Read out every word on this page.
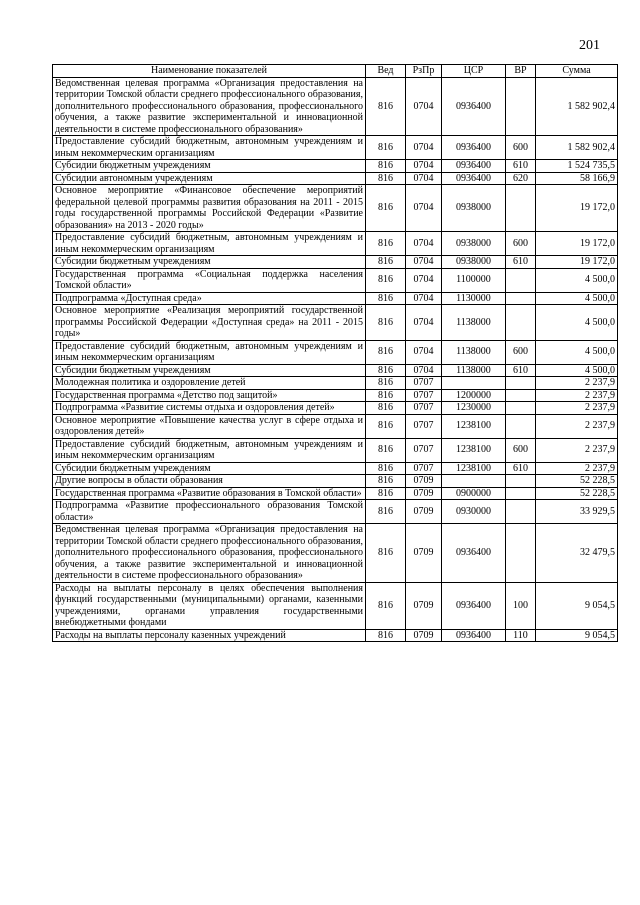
201
Наименование показателей	Вед	РзПр	ЦСР	ВР	Сумма
Ведомственная целевая программа «Организация предоставления на территории Томской области среднего профессионального образования, дополнительного профессионального образования, профессионального обучения, а также развитие экспериментальной и инновационной деятельности в системе профессионального образования»	816	0704	0936400		1 582 902,4
Предоставление субсидий бюджетным, автономным учреждениям и иным некоммерческим организациям	816	0704	0936400	600	1 582 902,4
Субсидии бюджетным учреждениям	816	0704	0936400	610	1 524 735,5
Субсидии автономным учреждениям	816	0704	0936400	620	58 166,9
Основное мероприятие «Финансовое обеспечение мероприятий федеральной целевой программы развития образования на 2011 - 2015 годы государственной программы Российской Федерации «Развитие образования» на 2013 - 2020 годы»	816	0704	0938000		19 172,0
Предоставление субсидий бюджетным, автономным учреждениям и иным некоммерческим организациям	816	0704	0938000	600	19 172,0
Субсидии бюджетным учреждениям	816	0704	0938000	610	19 172,0
Государственная программа «Социальная поддержка населения Томской области»	816	0704	1100000		4 500,0
Подпрограмма «Доступная среда»	816	0704	1130000		4 500,0
Основное мероприятие «Реализация мероприятий государственной программы Российской Федерации «Доступная среда» на 2011 - 2015 годы»	816	0704	1138000		4 500,0
Предоставление субсидий бюджетным, автономным учреждениям и иным некоммерческим организациям	816	0704	1138000	600	4 500,0
Субсидии бюджетным учреждениям	816	0704	1138000	610	4 500,0
Молодежная политика и оздоровление детей	816	0707			2 237,9
Государственная программа «Детство под защитой»	816	0707	1200000		2 237,9
Подпрограмма «Развитие системы отдыха и оздоровления детей»	816	0707	1230000		2 237,9
Основное мероприятие «Повышение качества услуг в сфере отдыха и оздоровления детей»	816	0707	1238100		2 237,9
Предоставление субсидий бюджетным, автономным учреждениям и иным некоммерческим организациям	816	0707	1238100	600	2 237,9
Субсидии бюджетным учреждениям	816	0707	1238100	610	2 237,9
Другие вопросы в области образования	816	0709			52 228,5
Государственная программа «Развитие образования в Томской области»	816	0709	0900000		52 228,5
Подпрограмма «Развитие профессионального образования Томской области»	816	0709	0930000		33 929,5
Ведомственная целевая программа «Организация предоставления на территории Томской области среднего профессионального образования, дополнительного профессионального образования, профессионального обучения, а также развитие экспериментальной и инновационной деятельности в системе профессионального образования»	816	0709	0936400		32 479,5
Расходы на выплаты персоналу в целях обеспечения выполнения функций государственными (муниципальными) органами, казенными учреждениями, органами управления государственными внебюджетными фондами	816	0709	0936400	100	9 054,5
Расходы на выплаты персоналу казенных учреждений	816	0709	0936400	110	9 054,5
